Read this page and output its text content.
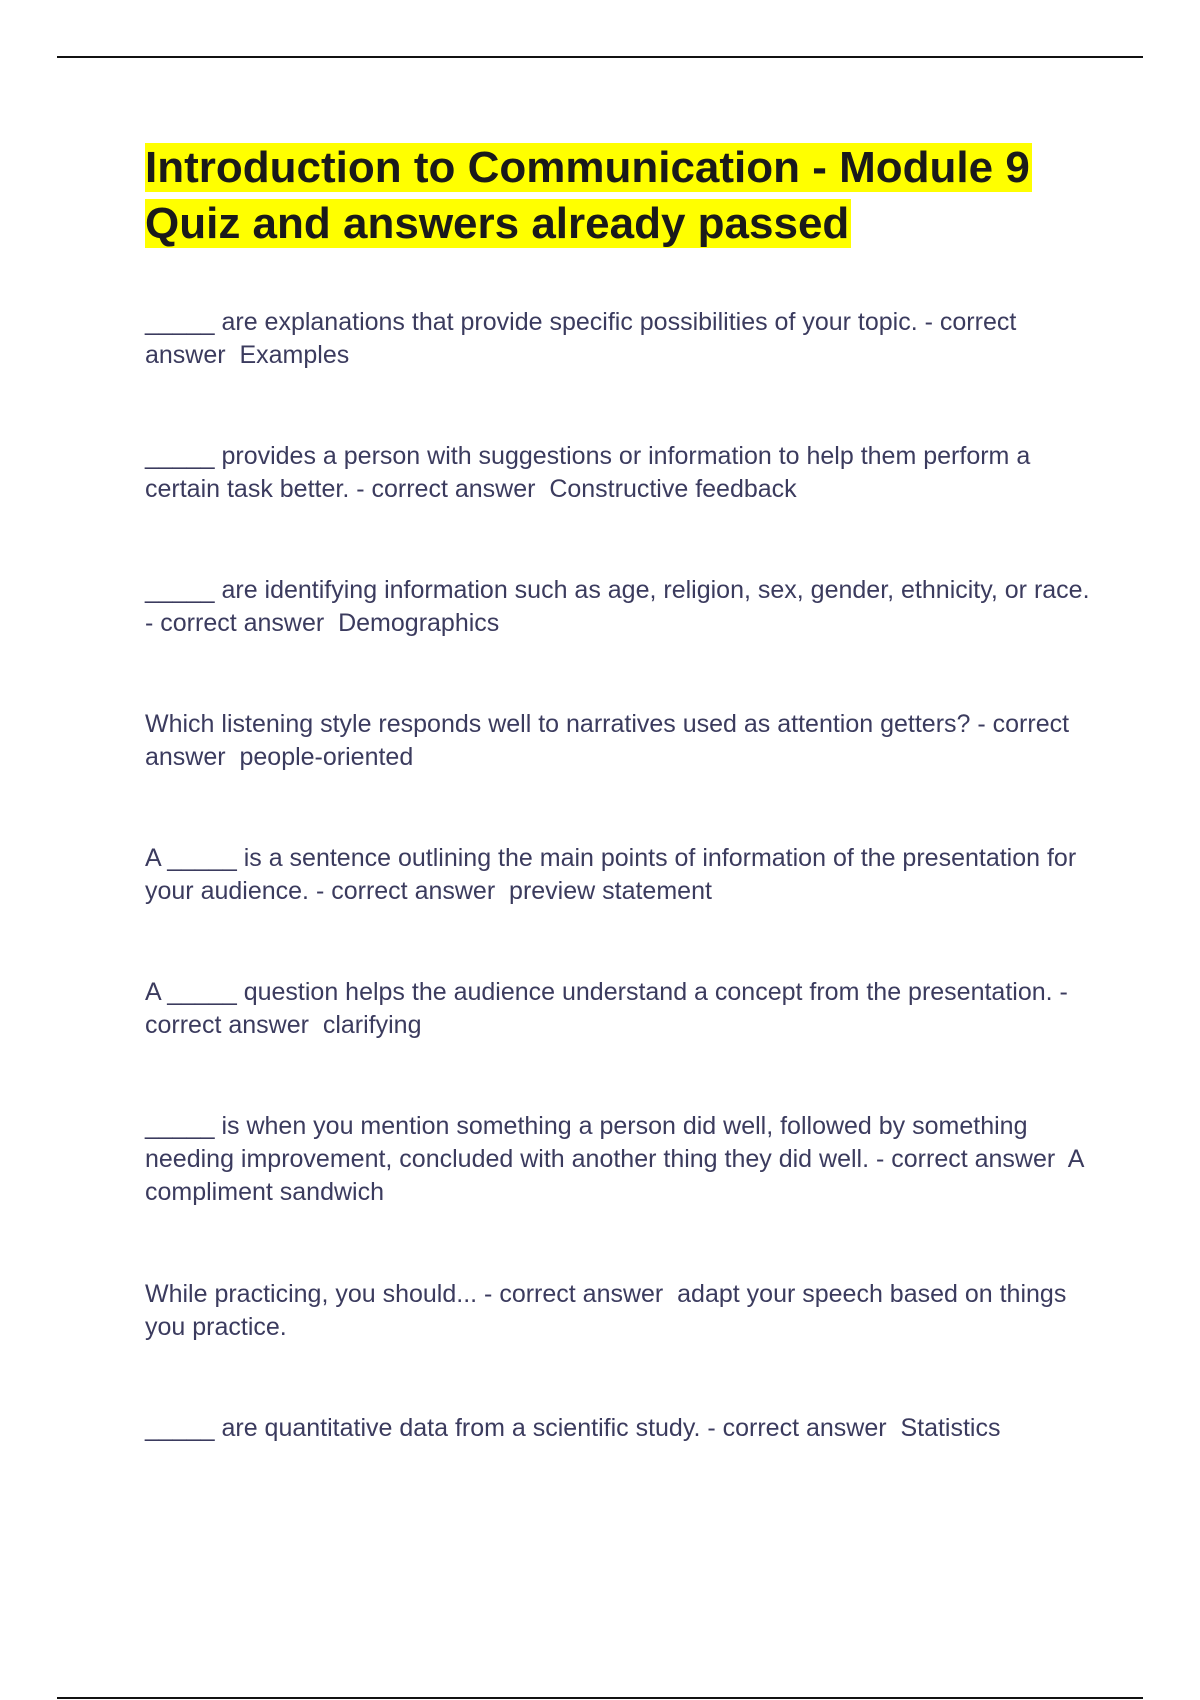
Introduction to Communication - Module 9 Quiz and answers already passed
_____ are explanations that provide specific possibilities of your topic. - correct answer  Examples
_____ provides a person with suggestions or information to help them perform a certain task better. - correct answer  Constructive feedback
_____ are identifying information such as age, religion, sex, gender, ethnicity, or race. - correct answer  Demographics
Which listening style responds well to narratives used as attention getters? - correct answer  people-oriented
A _____ is a sentence outlining the main points of information of the presentation for your audience. - correct answer  preview statement
A _____ question helps the audience understand a concept from the presentation. - correct answer  clarifying
_____ is when you mention something a person did well, followed by something needing improvement, concluded with another thing they did well. - correct answer  A compliment sandwich
While practicing, you should... - correct answer  adapt your speech based on things you practice.
_____ are quantitative data from a scientific study. - correct answer  Statistics
